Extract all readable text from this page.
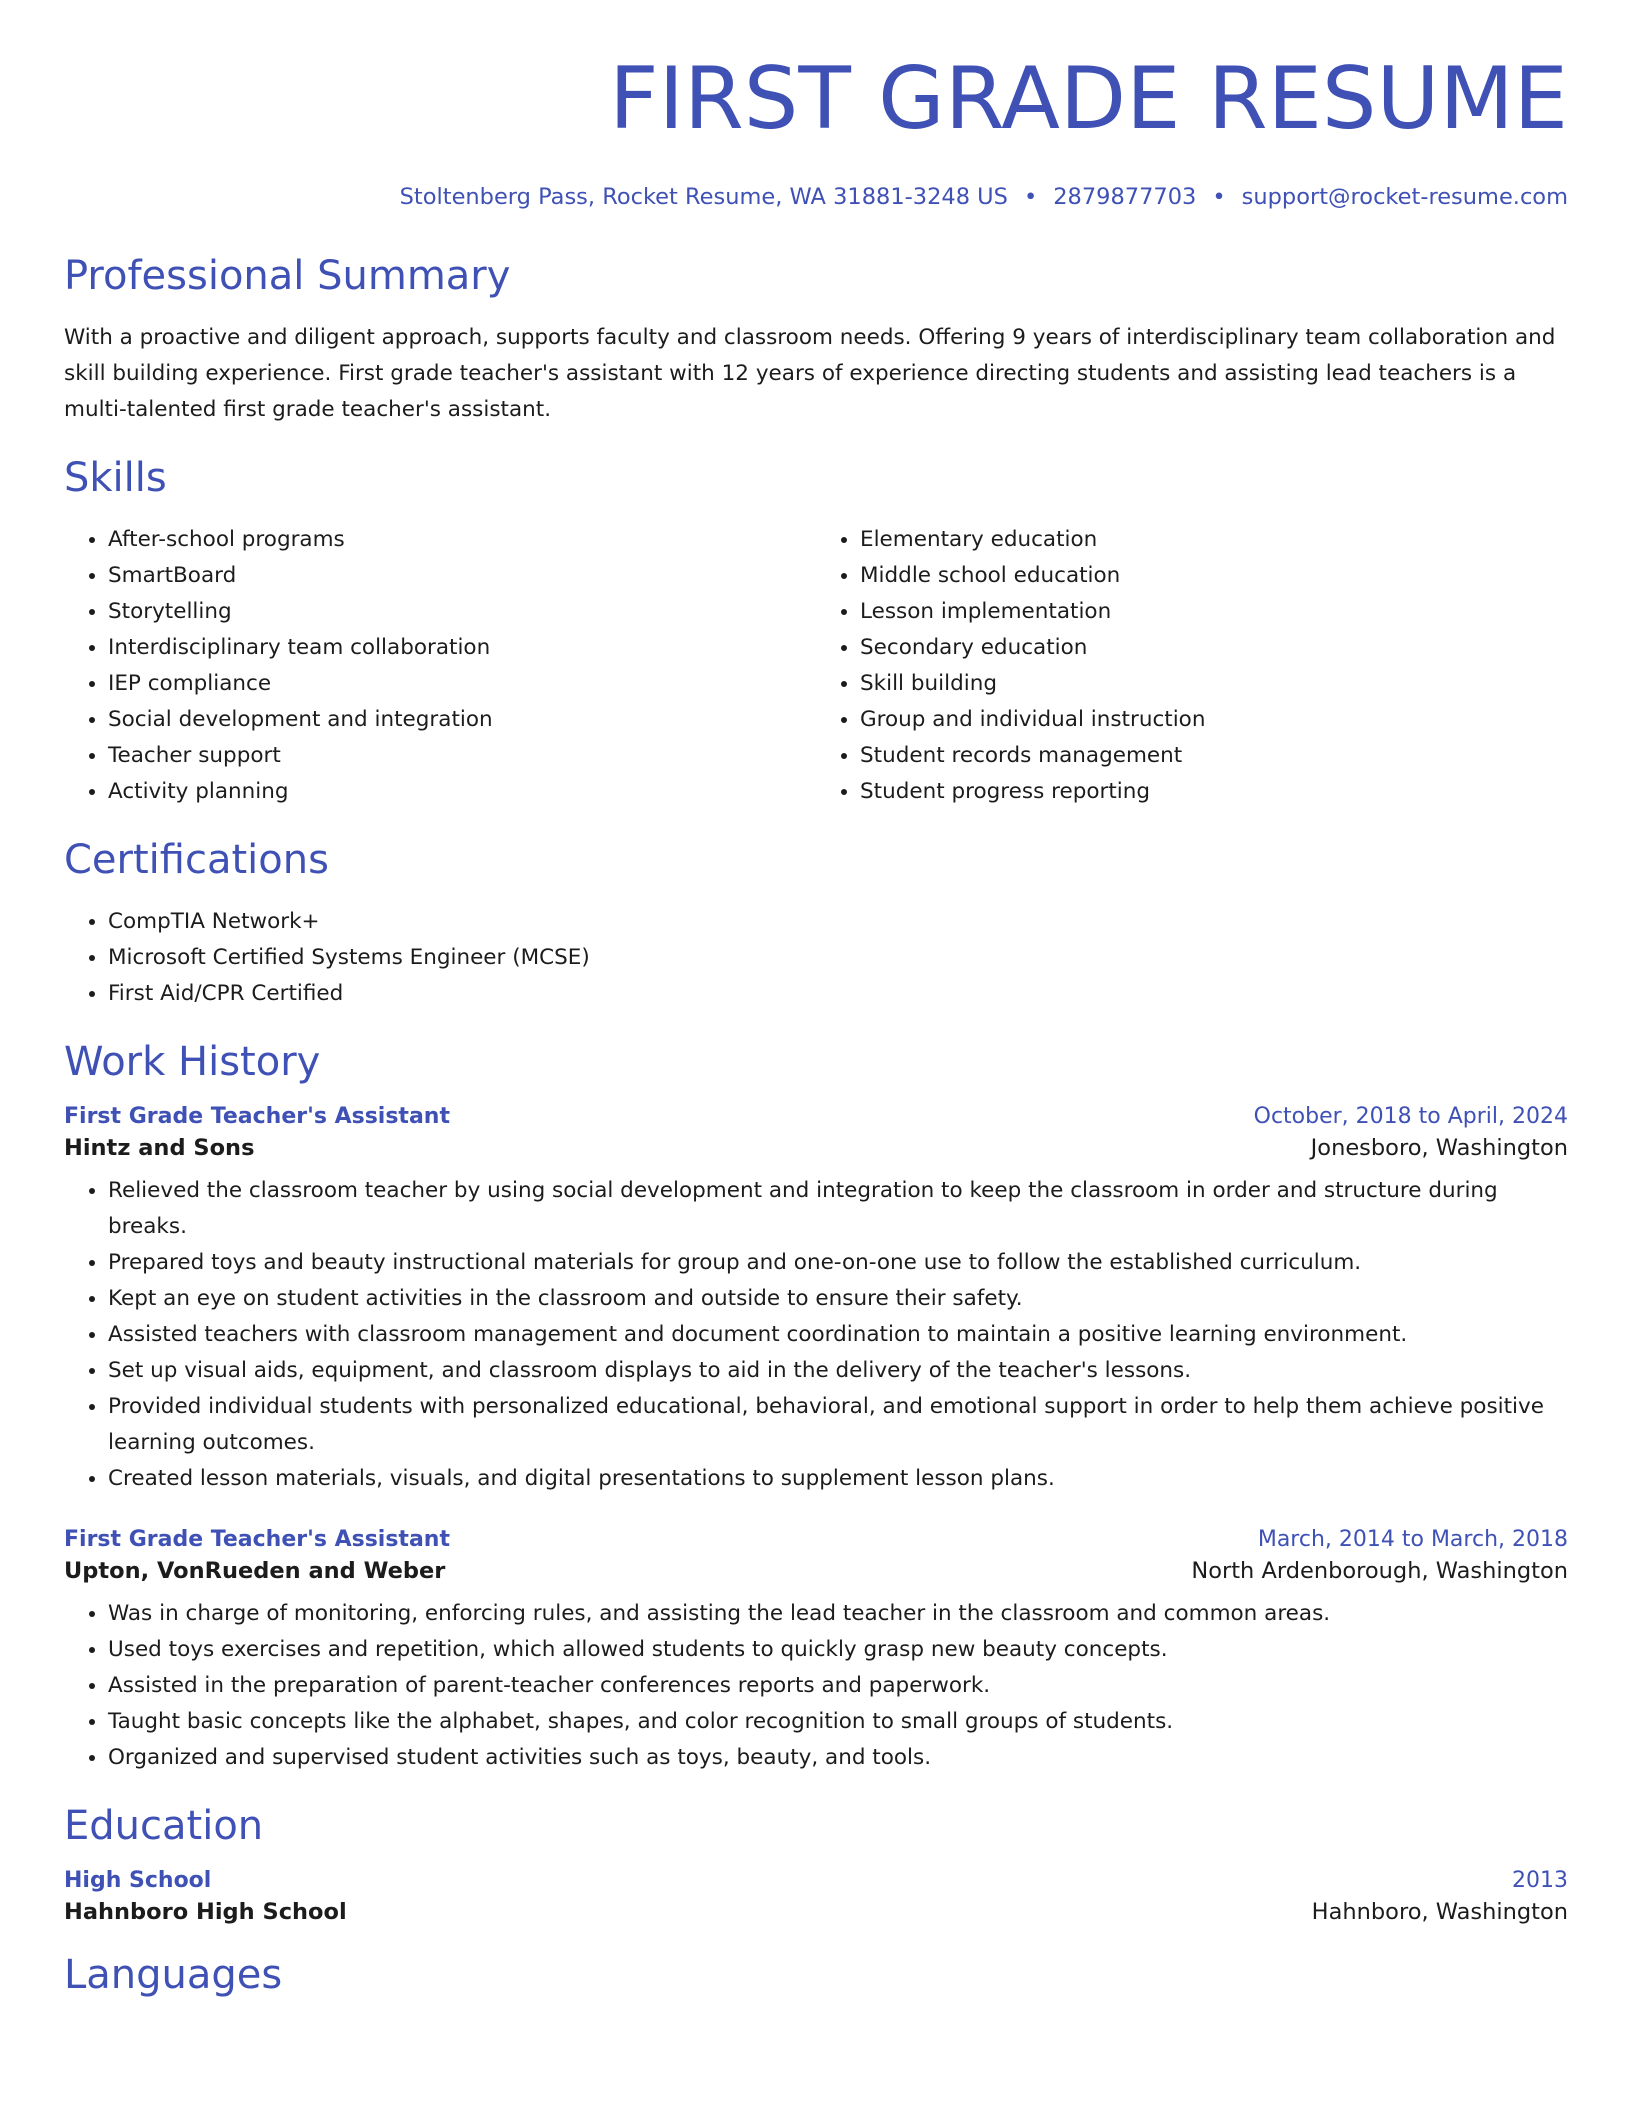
FIRST GRADE RESUME
Stoltenberg Pass, Rocket Resume, WA 31881-3248 US • 2879877703 • support@rocket-resume.com
Professional Summary

With a proactive and diligent approach, supports faculty and classroom needs. Offering 9 years of interdisciplinary team collaboration and skill building experience. First grade teacher's assistant with 12 years of experience directing students and assisting lead teachers is a multi-talented first grade teacher's assistant.

Skills
• After-school programs
• SmartBoard
• Storytelling
• Interdisciplinary team collaboration
• IEP compliance
• Social development and integration
• Teacher support
• Activity planning
• Elementary education
• Middle school education
• Lesson implementation
• Secondary education
• Skill building
• Group and individual instruction
• Student records management
• Student progress reporting
Certifications
• CompTIA Network+
• Microsoft Certified Systems Engineer (MCSE)
• First Aid/CPR Certified
Work History
First Grade Teacher's Assistant	October, 2018 to April, 2024
Hintz and Sons	Jonesboro, Washington
• Relieved the classroom teacher by using social development and integration to keep the classroom in order and structure during breaks.
• Prepared toys and beauty instructional materials for group and one-on-one use to follow the established curriculum.
• Kept an eye on student activities in the classroom and outside to ensure their safety.
• Assisted teachers with classroom management and document coordination to maintain a positive learning environment.
• Set up visual aids, equipment, and classroom displays to aid in the delivery of the teacher's lessons.
• Provided individual students with personalized educational, behavioral, and emotional support in order to help them achieve positive learning outcomes.
• Created lesson materials, visuals, and digital presentations to supplement lesson plans.
First Grade Teacher's Assistant	March, 2014 to March, 2018
Upton, VonRueden and Weber	North Ardenborough, Washington
• Was in charge of monitoring, enforcing rules, and assisting the lead teacher in the classroom and common areas.
• Used toys exercises and repetition, which allowed students to quickly grasp new beauty concepts.
• Assisted in the preparation of parent-teacher conferences reports and paperwork.
• Taught basic concepts like the alphabet, shapes, and color recognition to small groups of students.
• Organized and supervised student activities such as toys, beauty, and tools.
Education
High School	2013
Hahnboro High School	Hahnboro, Washington
Languages
